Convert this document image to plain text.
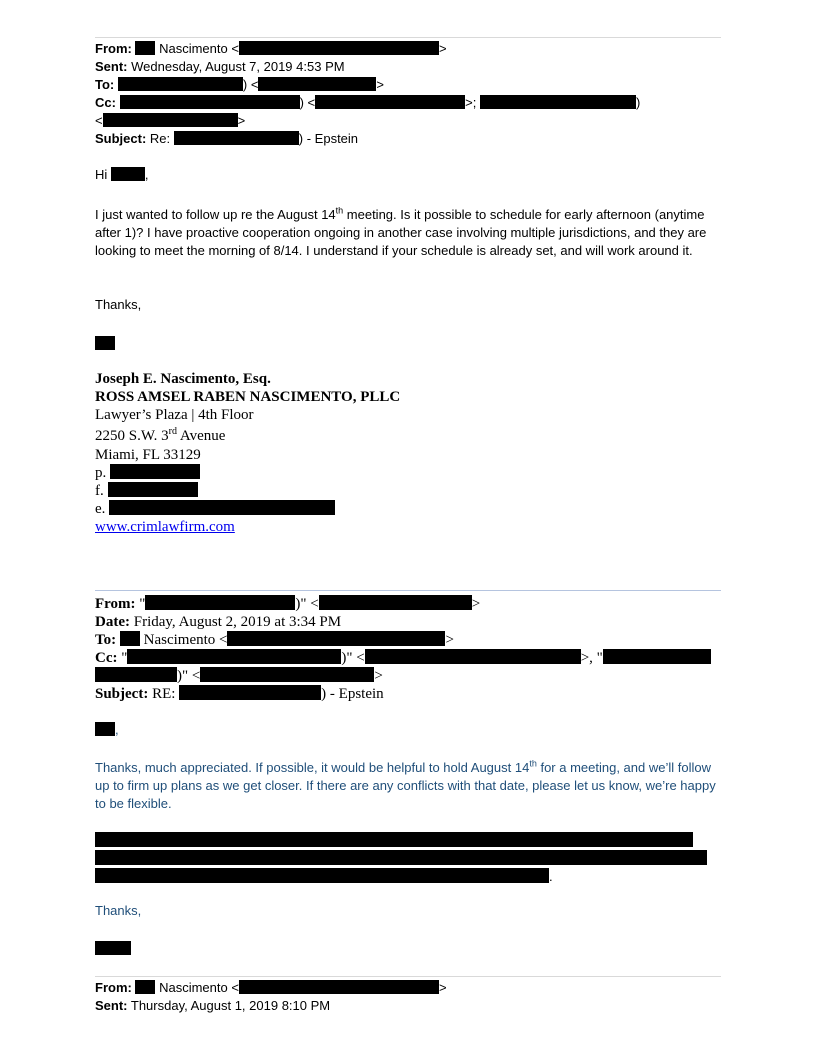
From: Nascimento <	>
Sent: Wednesday, August 7, 2019 4:53 PM
To:	) <	>
Cc:	) <	>;	)
<	>
Subject: Re:	) - Epstein
Hi	,
I just wanted to follow up re the August 14th meeting. Is it possible to schedule for early afternoon (anytime after 1)? I have proactive cooperation ongoing in another case involving multiple jurisdictions, and they are looking to meet the morning of 8/14. I understand if your schedule is already set, and will work around it.
Thanks,
Joseph E. Nascimento, Esq.
ROSS AMSEL RABEN NASCIMENTO, PLLC
Lawyer’s Plaza | 4th Floor
2250 S.W. 3rd Avenue
Miami, FL 33129
p.
f.
e.
www.crimlawfirm.com
From: "	)" <	>
Date: Friday, August 2, 2019 at 3:34 PM
To: Nascimento <	>
Cc: "	)" <	>, "
)" <	>
Subject: RE:	) - Epstein
,
Thanks, much appreciated. If possible, it would be helpful to hold August 14th for a meeting, and we’ll follow up to firm up plans as we get closer. If there are any conflicts with that date, please let us know, we’re happy to be flexible.
.
Thanks,
From: Nascimento <	>
Sent: Thursday, August 1, 2019 8:10 PM
